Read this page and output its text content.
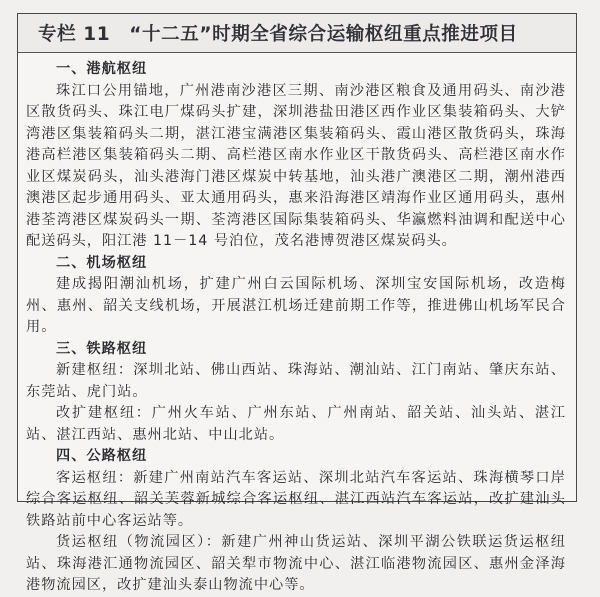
专栏 11　“十二五”时期全省综合运输枢纽重点推进项目
一、港航枢纽
珠江口公用锚地，广州港南沙港区三期、南沙港区粮食及通用码头、南沙港区散货码头、珠江电厂煤码头扩建，深圳港盐田港区西作业区集装箱码头、大铲湾港区集装箱码头二期，湛江港宝满港区集装箱码头、霞山港区散货码头，珠海港高栏港区集装箱码头二期、高栏港区南水作业区干散货码头、高栏港区南水作业区煤炭码头，汕头港海门港区煤炭中转基地，汕头港广澳港区二期，潮州港西澳港区起步通用码头、亚太通用码头，惠来沿海港区靖海作业区通用码头，惠州港荃湾港区煤炭码头一期、荃湾港区国际集装箱码头、华瀛燃料油调和配送中心配送码头，阳江港 11－14 号泊位，茂名港博贺港区煤炭码头。
二、机场枢纽
建成揭阳潮汕机场，扩建广州白云国际机场、深圳宝安国际机场，改造梅州、惠州、韶关支线机场，开展湛江机场迁建前期工作等，推进佛山机场军民合用。
三、铁路枢纽
新建枢纽：深圳北站、佛山西站、珠海站、潮汕站、江门南站、肇庆东站、东莞站、虎门站。
改扩建枢纽：广州火车站、广州东站、广州南站、韶关站、汕头站、湛江站、湛江西站、惠州北站、中山北站。
四、公路枢纽
客运枢纽：新建广州南站汽车客运站、深圳北站汽车客运站、珠海横琴口岸综合客运枢纽、韶关芙蓉新城综合客运枢纽、湛江西站汽车客运站，改扩建汕头铁路站前中心客运站等。
货运枢纽（物流园区）：新建广州神山货运站、深圳平湖公铁联运货运枢纽站、珠海港汇通物流园区、韶关犁市物流中心、湛江临港物流园区、惠州金泽海港物流园区，改扩建汕头泰山物流中心等。
